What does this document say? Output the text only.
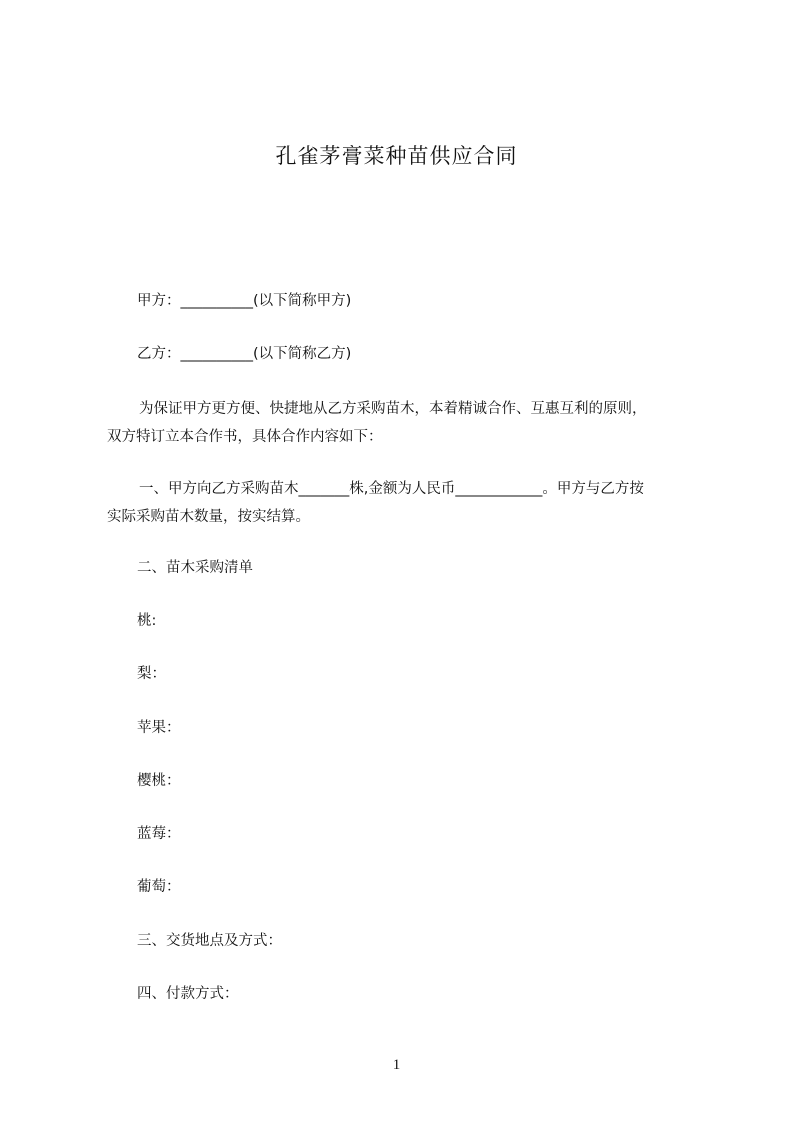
孔雀茅膏菜种苗供应合同
甲方：__________(以下简称甲方)
乙方：__________(以下简称乙方)

为保证甲方更方便、快捷地从乙方采购苗木，本着精诚合作、互惠互利的原则，

双方特订立本合作书，具体合作内容如下：

一、甲方向乙方采购苗木_______株,金额为人民币____________。甲方与乙方按

实际采购苗木数量，按实结算。

二、苗木采购清单
桃:
梨：
苹果：
樱桃：
蓝莓：
葡萄：
三、交货地点及方式：
四、付款方式：
1
